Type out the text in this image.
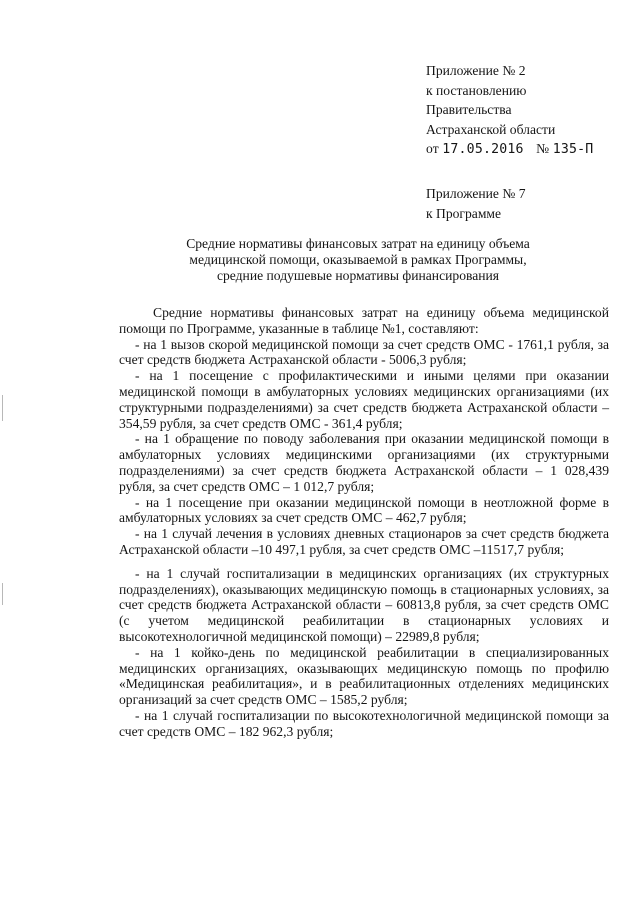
Приложение № 2
к постановлению
Правительства
Астраханской области
от 17.05.2016 № 135-П
Приложение № 7
к Программе
Средние нормативы финансовых затрат на единицу объема
медицинской помощи, оказываемой в рамках Программы,
средние подушевые нормативы финансирования

Средние нормативы финансовых затрат на единицу объема медицинской помощи по Программе, указанные в таблице №1, составляют:

- на 1 вызов скорой медицинской помощи за счет средств ОМС - 1761,1 рубля, за счет средств бюджета Астраханской области - 5006,3 рубля;

- на 1 посещение с профилактическими и иными целями при оказании медицинской помощи в амбулаторных условиях медицинских организациями (их структурными подразделениями) за счет средств бюджета Астраханской области – 354,59 рубля, за счет средств ОМС - 361,4 рубля;

- на 1 обращение по поводу заболевания при оказании медицинской помощи в амбулаторных условиях медицинскими организациями (их структурными подразделениями) за счет средств бюджета Астраханской области – 1 028,439 рубля, за счет средств ОМС – 1 012,7 рубля;

- на 1 посещение при оказании медицинской помощи в неотложной форме в амбулаторных условиях за счет средств ОМС – 462,7 рубля;

- на 1 случай лечения в условиях дневных стационаров за счет средств бюджета Астраханской области –10 497,1 рубля, за счет средств ОМС –11517,7 рубля;

- на 1 случай госпитализации в медицинских организациях (их структурных подразделениях), оказывающих медицинскую помощь в стационарных условиях, за счет средств бюджета Астраханской области – 60813,8 рубля, за счет средств ОМС (с учетом медицинской реабилитации в стационарных условиях и высокотехнологичной медицинской помощи) – 22989,8 рубля;

- на 1 койко-день по медицинской реабилитации в специализированных медицинских организациях, оказывающих медицинскую помощь по профилю «Медицинская реабилитация», и в реабилитационных отделениях медицинских организаций за счет средств ОМС – 1585,2 рубля;

- на 1 случай госпитализации по высокотехнологичной медицинской помощи за счет средств ОМС – 182 962,3 рубля;
